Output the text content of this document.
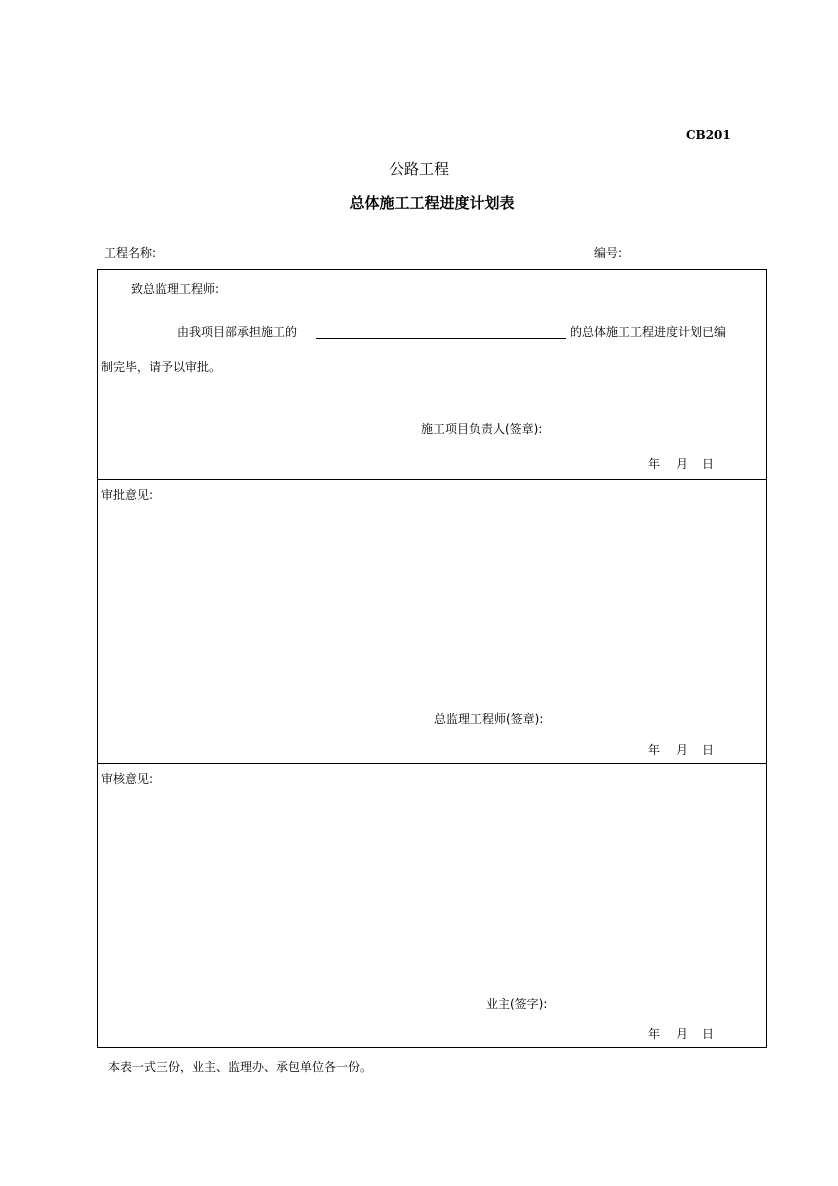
CB201
公路工程
总体施工工程进度计划表
工程名称:	编号:
致总监理工程师:
由我项目部承担施工的	的总体施工工程进度计划已编
制完毕，请予以审批。
施工项目负责人(签章):
年 月 日
审批意见:
总监理工程师(签章):
年 月 日
审核意见:
业主(签字):
年 月 日
本表一式三份，业主、监理办、承包单位各一份。
